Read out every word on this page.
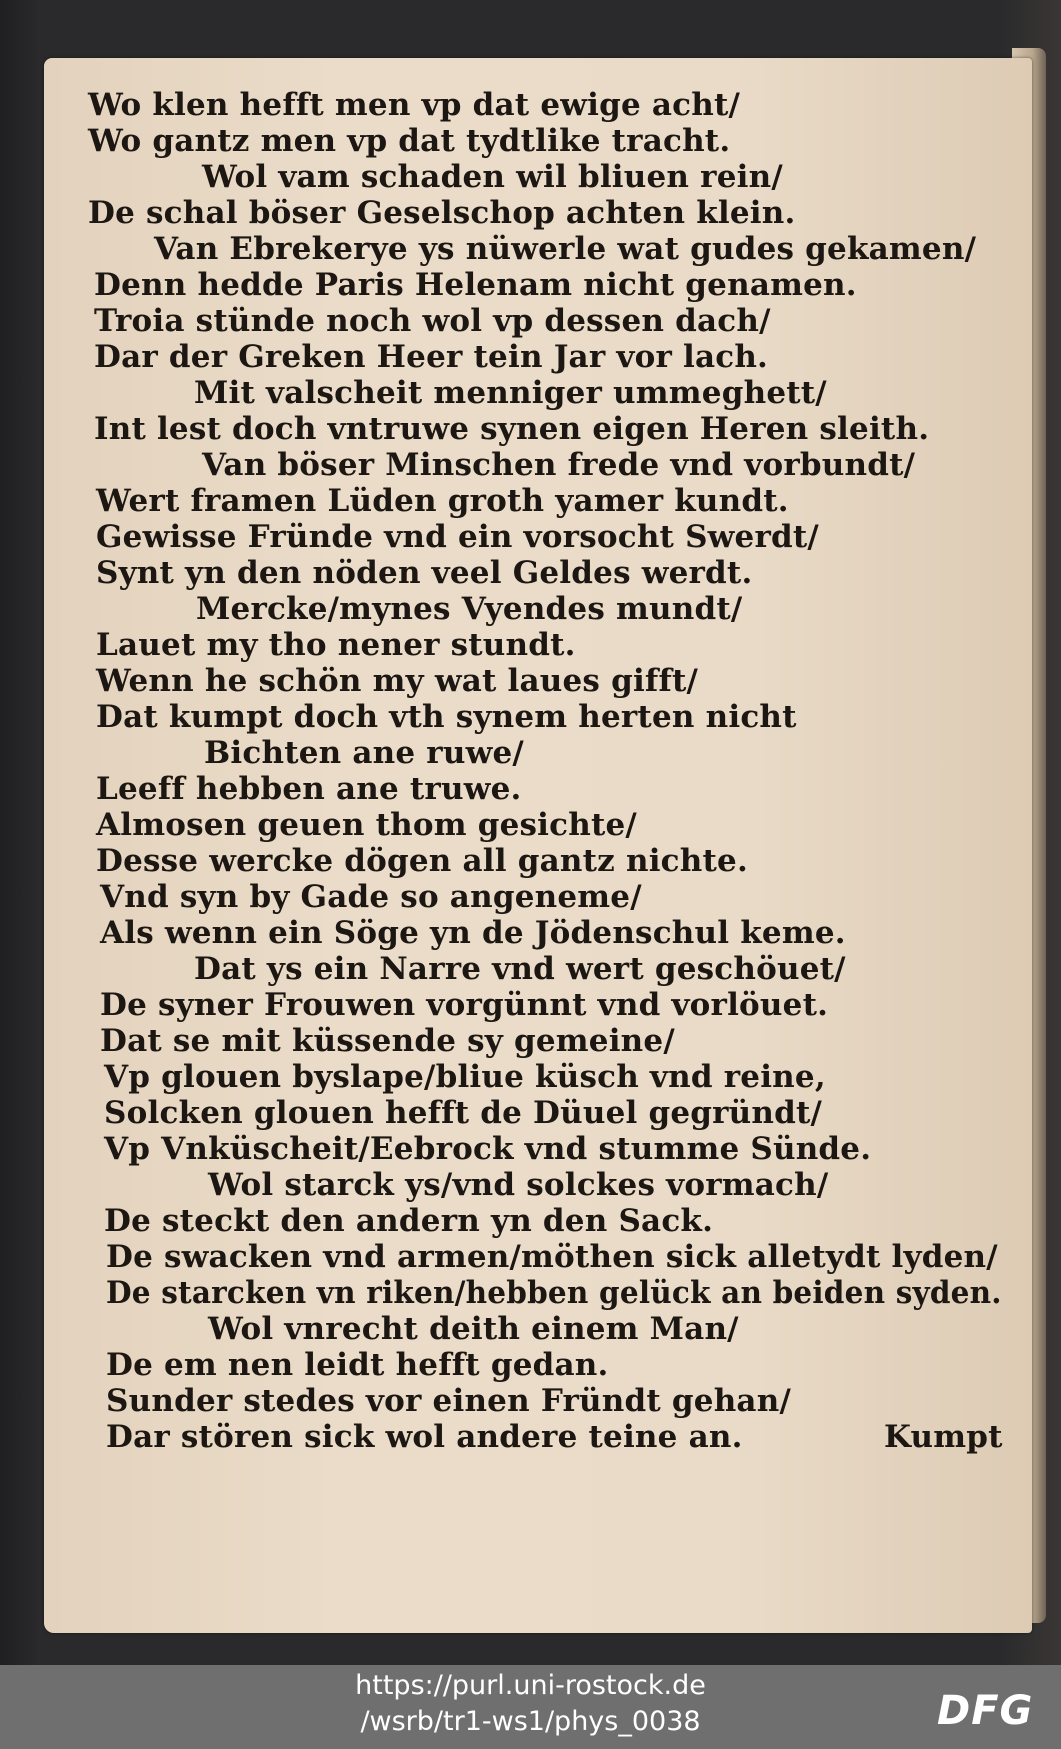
Wo klen hefft men vp dat ewige acht/
Wo gantz men vp dat tydtlike tracht.
Wol vam schaden wil bliuen rein/
De schal böser Geselschop achten klein.
Van Ebrekerye ys nüwerle wat gudes gekamen/
Denn hedde Paris Helenam nicht genamen.
Troia stünde noch wol vp dessen dach/
Dar der Greken Heer tein Jar vor lach.
Mit valscheit menniger ummeghett/
Int lest doch vntruwe synen eigen Heren sleith.
Van böser Minschen frede vnd vorbundt/
Wert framen Lüden groth yamer kundt.
Gewisse Fründe vnd ein vorsocht Swerdt/
Synt yn den nöden veel Geldes werdt.
Mercke/mynes Vyendes mundt/
Lauet my tho nener stundt.
Wenn he schön my wat laues gifft/
Dat kumpt doch vth synem herten nicht
Bichten ane ruwe/
Leeff hebben ane truwe.
Almosen geuen thom gesichte/
Desse wercke dögen all gantz nichte.
Vnd syn by Gade so angeneme/
Als wenn ein Söge yn de Jödenschul keme.
Dat ys ein Narre vnd wert geschöuet/
De syner Frouwen vorgünnt vnd vorlöuet.
Dat se mit küssende sy gemeine/
Vp glouen byslape/bliue küsch vnd reine,
Solcken glouen hefft de Düuel gegründt/
Vp Vnküscheit/Eebrock vnd stumme Sünde.
Wol starck ys/vnd solckes vormach/
De steckt den andern yn den Sack.
De swacken vnd armen/möthen sick alletydt lyden/
De starcken vn riken/hebben gelück an beiden syden.
Wol vnrecht deith einem Man/
De em nen leidt hefft gedan.
Sunder stedes vor einen Fründt gehan/
Dar stören sick wol andere teine an.	Kumpt
https://purl.uni-rostock.de
/wsrb/tr1-ws1/phys_0038	DFG
